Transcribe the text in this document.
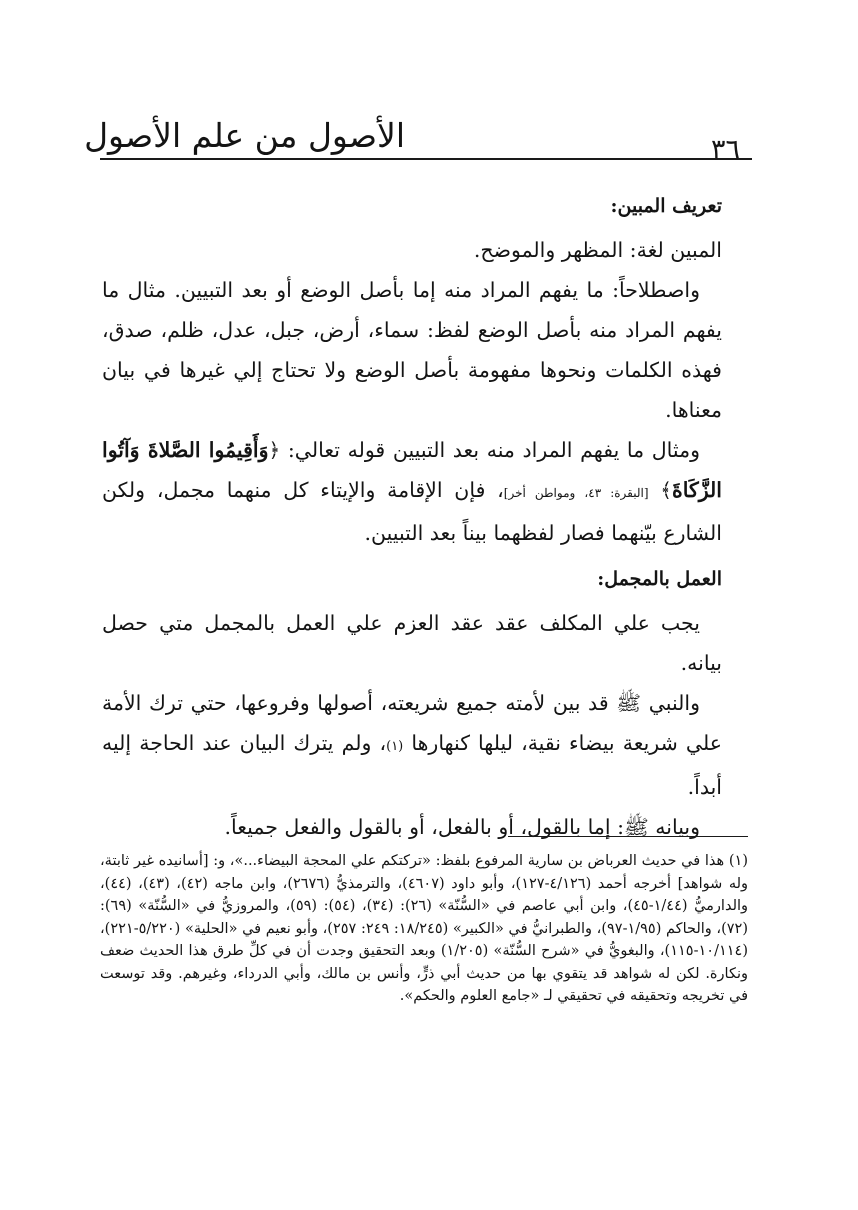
الأصول من علم الأصول	٣٦

تعريف المبين:

المبين لغة: المظهر والموضح.

واصطلاحاً: ما يفهم المراد منه إما بأصل الوضع أو بعد التبيين. مثال ما يفهم المراد منه بأصل الوضع لفظ: سماء، أرض، جبل، عدل، ظلم، صدق، فهذه الكلمات ونحوها مفهومة بأصل الوضع ولا تحتاج إلي غيرها في بيان معناها.

ومثال ما يفهم المراد منه بعد التبيين قوله تعالي: ﴿وَأَقِيمُوا الصَّلاةَ وَآتُوا الزَّكَاةَ﴾ [البقرة: ٤٣، ومواطن أخر]، فإن الإقامة والإيتاء كل منهما مجمل، ولكن الشارع بيّنهما فصار لفظهما بيناً بعد التبيين.

العمل بالمجمل:

يجب علي المكلف عقد عقد العزم علي العمل بالمجمل متي حصل بيانه.

والنبي ﷺ قد بين لأمته جميع شريعته، أصولها وفروعها، حتي ترك الأمة علي شريعة بيضاء نقية، ليلها كنهارها (١)، ولم يترك البيان عند الحاجة إليه أبداً.

وبيانه ﷺ: إما بالقول، أو بالفعل، أو بالقول والفعل جميعاً.

(١) هذا في حديث العرباض بن سارية المرفوع بلفظ: «تركتكم علي المحجة البيضاء...»، و: [أسانيده غير ثابتة، وله شواهد] أخرجه أحمد (٤/١٢٦-١٢٧)، وأبو داود (٤٦٠٧)، والترمذيُّ (٢٦٧٦)، وابن ماجه (٤٢)، (٤٣)، (٤٤)، والدارميُّ (١/٤٤-٤٥)، وابن أبي عاصم في «السُّنّة» (٢٦): (٣٤)، (٥٤): (٥٩)، والمروزيُّ في «السُّنّة» (٦٩): (٧٢)، والحاكم (١/٩٥-٩٧)، والطبرانيُّ في «الكبير» (١٨/٢٤٥: ٢٤٩: ٢٥٧)، وأبو نعيم في «الحلية» (٥/٢٢٠-٢٢١)، (١٠/١١٤-١١٥)، والبغويُّ في «شرح السُّنّة» (١/٢٠٥) وبعد التحقيق وجدت أن في كلِّ طرق هذا الحديث ضعف ونكارة. لكن له شواهد قد يتقوي بها من حديث أبي ذرٍّ، وأنس بن مالك، وأبي الدرداء، وغيرهم. وقد توسعت في تخريجه وتحقيقه في تحقيقي لـ «جامع العلوم والحكم».
